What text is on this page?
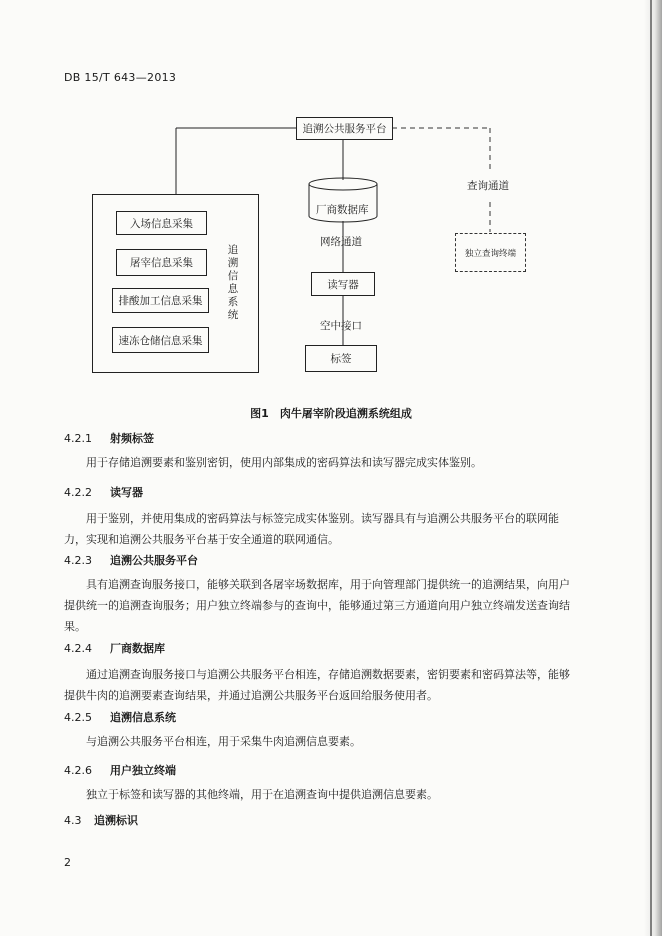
DB 15/T 643—2013
追溯公共服务平台
查询通道
独立查询终端
厂商数据库
网络通道
读写器
空中接口
标签
入场信息采集
屠宰信息采集
排酸加工信息采集
速冻仓储信息采集
追溯信息系统
图1　肉牛屠宰阶段追溯系统组成
4.2.1 射频标签
用于存储追溯要素和鉴别密钥，使用内部集成的密码算法和读写器完成实体鉴别。
4.2.2 读写器
用于鉴别，并使用集成的密码算法与标签完成实体鉴别。读写器具有与追溯公共服务平台的联网能力，实现和追溯公共服务平台基于安全通道的联网通信。
4.2.3 追溯公共服务平台
具有追溯查询服务接口，能够关联到各屠宰场数据库，用于向管理部门提供统一的追溯结果，向用户提供统一的追溯查询服务；用户独立终端参与的查询中，能够通过第三方通道向用户独立终端发送查询结果。
4.2.4 厂商数据库
通过追溯查询服务接口与追溯公共服务平台相连，存储追溯数据要素，密钥要素和密码算法等，能够提供牛肉的追溯要素查询结果，并通过追溯公共服务平台返回给服务使用者。
4.2.5 追溯信息系统
与追溯公共服务平台相连，用于采集牛肉追溯信息要素。
4.2.6 用户独立终端
独立于标签和读写器的其他终端，用于在追溯查询中提供追溯信息要素。
4.3 追溯标识
2
